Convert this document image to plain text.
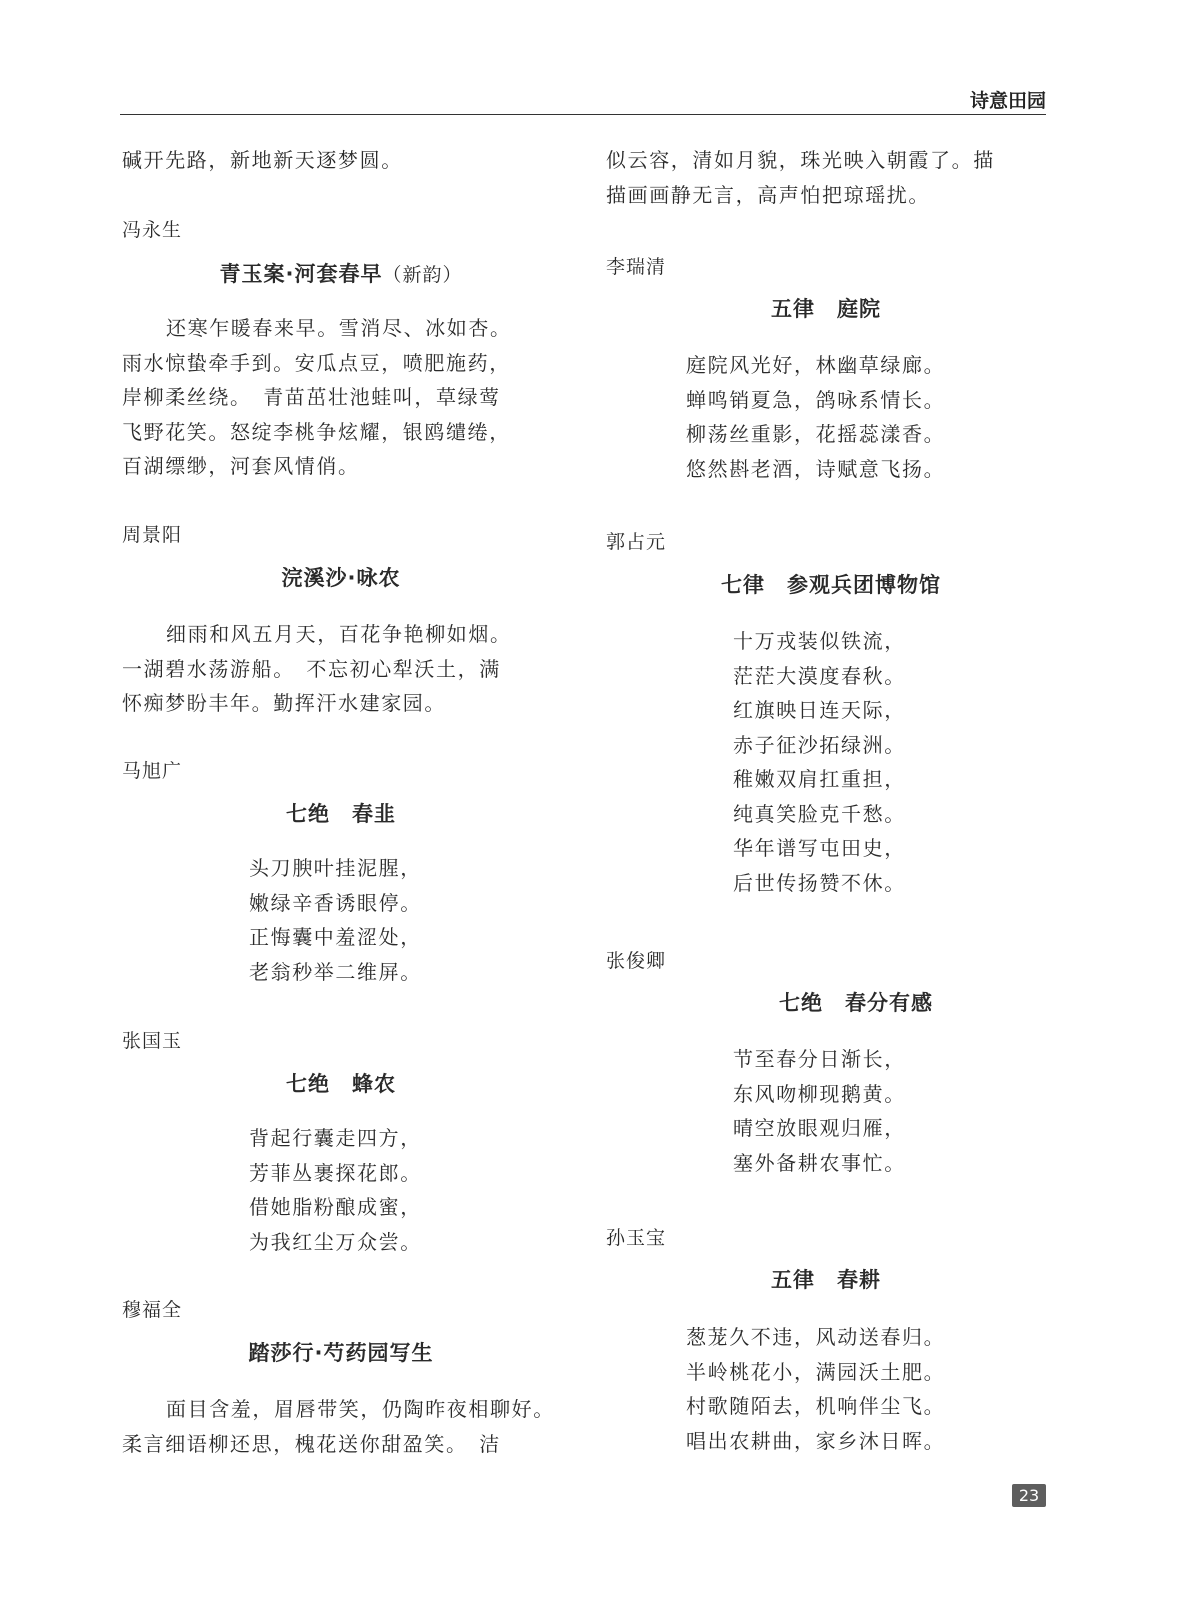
诗意田园
碱开先路，新地新天逐梦圆。
冯永生
青玉案·河套春早（新韵）
还寒乍暖春来早。雪消尽、冰如杏。
雨水惊蛰牵手到。安瓜点豆，喷肥施药，
岸柳柔丝绕。　青苗茁壮池蛙叫，草绿莺
飞野花笑。怒绽李桃争炫耀，银鸥缱绻，
百湖缥缈，河套风情俏。
周景阳
浣溪沙·咏农
细雨和风五月天，百花争艳柳如烟。
一湖碧水荡游船。　不忘初心犁沃土，满
怀痴梦盼丰年。勤挥汗水建家园。
马旭广
七绝　春韭
头刀腴叶挂泥腥，
嫩绿辛香诱眼停。
正悔囊中羞涩处，
老翁秒举二维屏。
张国玉
七绝　蜂农
背起行囊走四方，
芳菲丛裹探花郎。
借她脂粉酿成蜜，
为我红尘万众尝。
穆福全
踏莎行·芍药园写生
面目含羞，眉唇带笑，仍陶昨夜相聊好。
柔言细语柳还思，槐花送你甜盈笑。　洁
似云容，清如月貌，珠光映入朝霞了。描
描画画静无言，高声怕把琼瑶扰。
李瑞清
五律　庭院
庭院风光好，林幽草绿廊。
蝉鸣销夏急，鸽咏系情长。
柳荡丝重影，花摇蕊漾香。
悠然斟老酒，诗赋意飞扬。
郭占元
七律　参观兵团博物馆
十万戎装似铁流，
茫茫大漠度春秋。
红旗映日连天际，
赤子征沙拓绿洲。
稚嫩双肩扛重担，
纯真笑脸克千愁。
华年谱写屯田史，
后世传扬赞不休。
张俊卿
七绝　春分有感
节至春分日渐长，
东风吻柳现鹅黄。
晴空放眼观归雁，
塞外备耕农事忙。
孙玉宝
五律　春耕
葱茏久不违，风动送春归。
半岭桃花小，满园沃土肥。
村歌随陌去，机响伴尘飞。
唱出农耕曲，家乡沐日晖。
23
